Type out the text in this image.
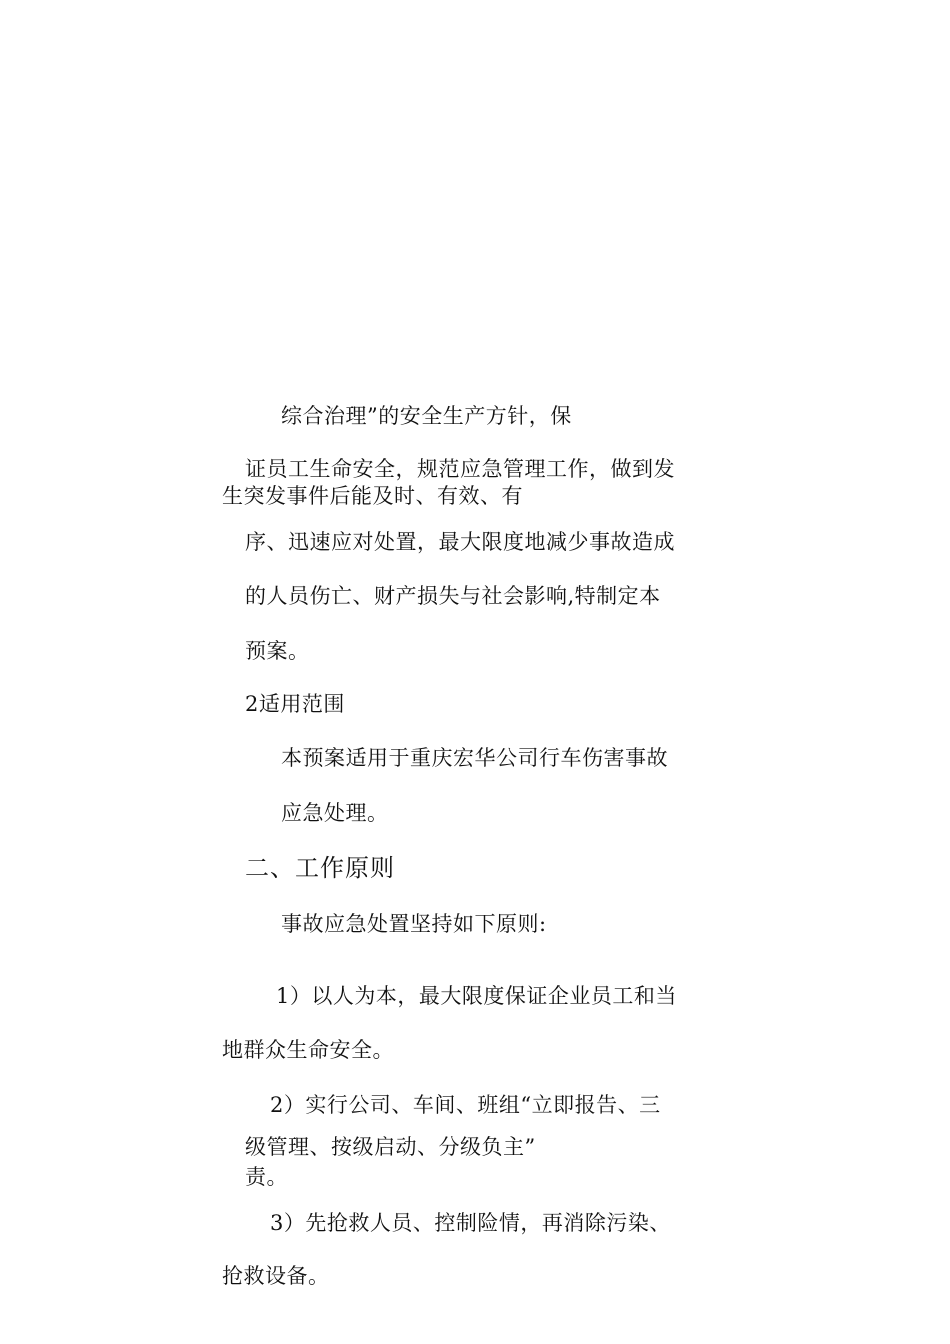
综合治理”的安全生产方针，保
证员工生命安全，规范应急管理工作，做到发
生突发事件后能及时、有效、有
序、迅速应对处置，最大限度地减少事故造成
的人员伤亡、财产损失与社会影响,特制定本
预案。
2适用范围
本预案适用于重庆宏华公司行车伤害事故
应急处理。
二、工作原则
事故应急处置坚持如下原则:
1）以人为本，最大限度保证企业员工和当
地群众生命安全。
2）实行公司、车间、班组“立即报告、三
级管理、按级启动、分级负主”
责。
3）先抢救人员、控制险情，再消除污染、
抢救设备。
